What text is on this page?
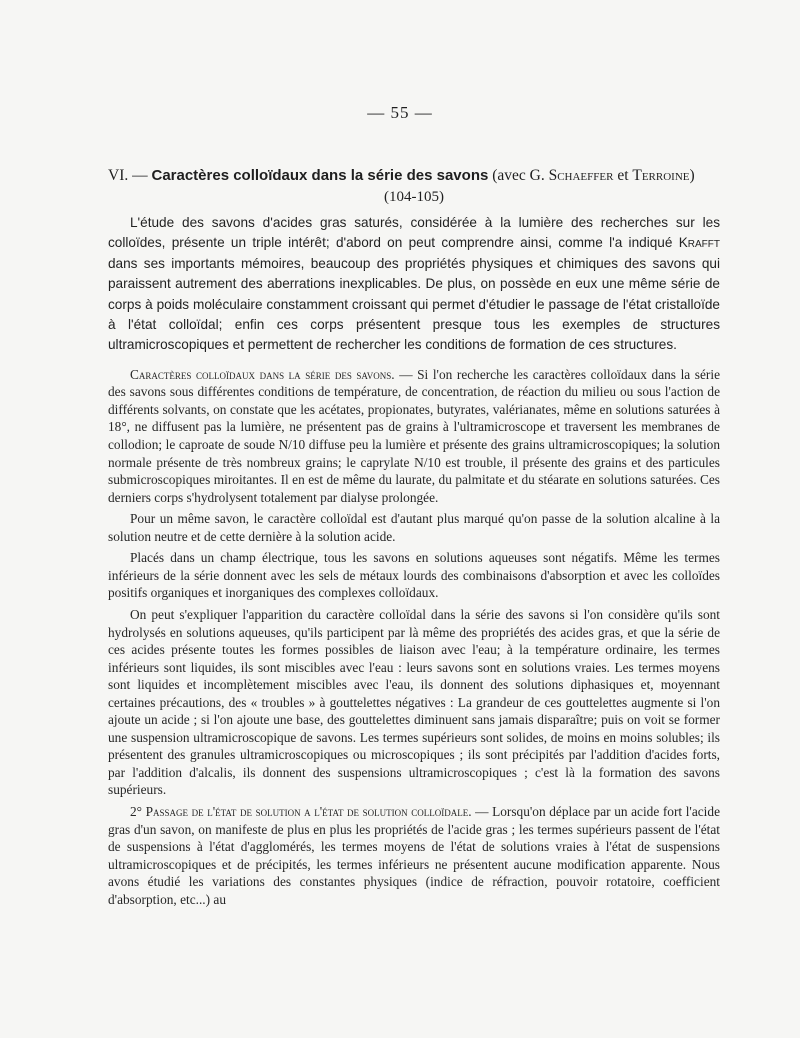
— 55 —
VI. — Caractères colloïdaux dans la série des savons (avec G. Schaeffer et Terroine)
(104-105)
L'étude des savons d'acides gras saturés, considérée à la lumière des recherches sur les colloïdes, présente un triple intérêt; d'abord on peut comprendre ainsi, comme l'a indiqué Krafft dans ses importants mémoires, beaucoup des propriétés physiques et chimiques des savons qui paraissent autrement des aberrations inexplicables. De plus, on possède en eux une même série de corps à poids moléculaire constamment croissant qui permet d'étudier le passage de l'état cristalloïde à l'état colloïdal; enfin ces corps présentent presque tous les exemples de structures ultramicroscopiques et permettent de rechercher les conditions de formation de ces structures.

Caractères colloïdaux dans la série des savons. — Si l'on recherche les caractères colloïdaux dans la série des savons sous différentes conditions de température, de concentration, de réaction du milieu ou sous l'action de différents solvants, on constate que les acétates, propionates, butyrates, valérianates, même en solutions saturées à 18°, ne diffusent pas la lumière, ne présentent pas de grains à l'ultramicroscope et traversent les membranes de collodion; le caproate de soude N/10 diffuse peu la lumière et présente des grains ultramicroscopiques; la solution normale présente de très nombreux grains; le caprylate N/10 est trouble, il présente des grains et des particules submicroscopiques miroitantes. Il en est de même du laurate, du palmitate et du stéarate en solutions saturées. Ces derniers corps s'hydrolysent totalement par dialyse prolongée.

Pour un même savon, le caractère colloïdal est d'autant plus marqué qu'on passe de la solution alcaline à la solution neutre et de cette dernière à la solution acide.

Placés dans un champ électrique, tous les savons en solutions aqueuses sont négatifs. Même les termes inférieurs de la série donnent avec les sels de métaux lourds des combinaisons d'absorption et avec les colloïdes positifs organiques et inorganiques des complexes colloïdaux.

On peut s'expliquer l'apparition du caractère colloïdal dans la série des savons si l'on considère qu'ils sont hydrolysés en solutions aqueuses, qu'ils participent par là même des propriétés des acides gras, et que la série de ces acides présente toutes les formes possibles de liaison avec l'eau; à la température ordinaire, les termes inférieurs sont liquides, ils sont miscibles avec l'eau : leurs savons sont en solutions vraies. Les termes moyens sont liquides et incomplètement miscibles avec l'eau, ils donnent des solutions diphasiques et, moyennant certaines précautions, des « troubles » à gouttelettes négatives : La grandeur de ces gouttelettes augmente si l'on ajoute un acide ; si l'on ajoute une base, des gouttelettes diminuent sans jamais disparaître; puis on voit se former une suspension ultramicroscopique de savons. Les termes supérieurs sont solides, de moins en moins solubles; ils présentent des granules ultramicroscopiques ou microscopiques ; ils sont précipités par l'addition d'acides forts, par l'addition d'alcalis, ils donnent des suspensions ultramicroscopiques ; c'est là la formation des savons supérieurs.

2° Passage de l'état de solution a l'état de solution colloïdale. — Lorsqu'on déplace par un acide fort l'acide gras d'un savon, on manifeste de plus en plus les propriétés de l'acide gras ; les termes supérieurs passent de l'état de suspensions à l'état d'agglomérés, les termes moyens de l'état de solutions vraies à l'état de suspensions ultramicroscopiques et de précipités, les termes inférieurs ne présentent aucune modification apparente. Nous avons étudié les variations des constantes physiques (indice de réfraction, pouvoir rotatoire, coefficient d'absorption, etc...) au
